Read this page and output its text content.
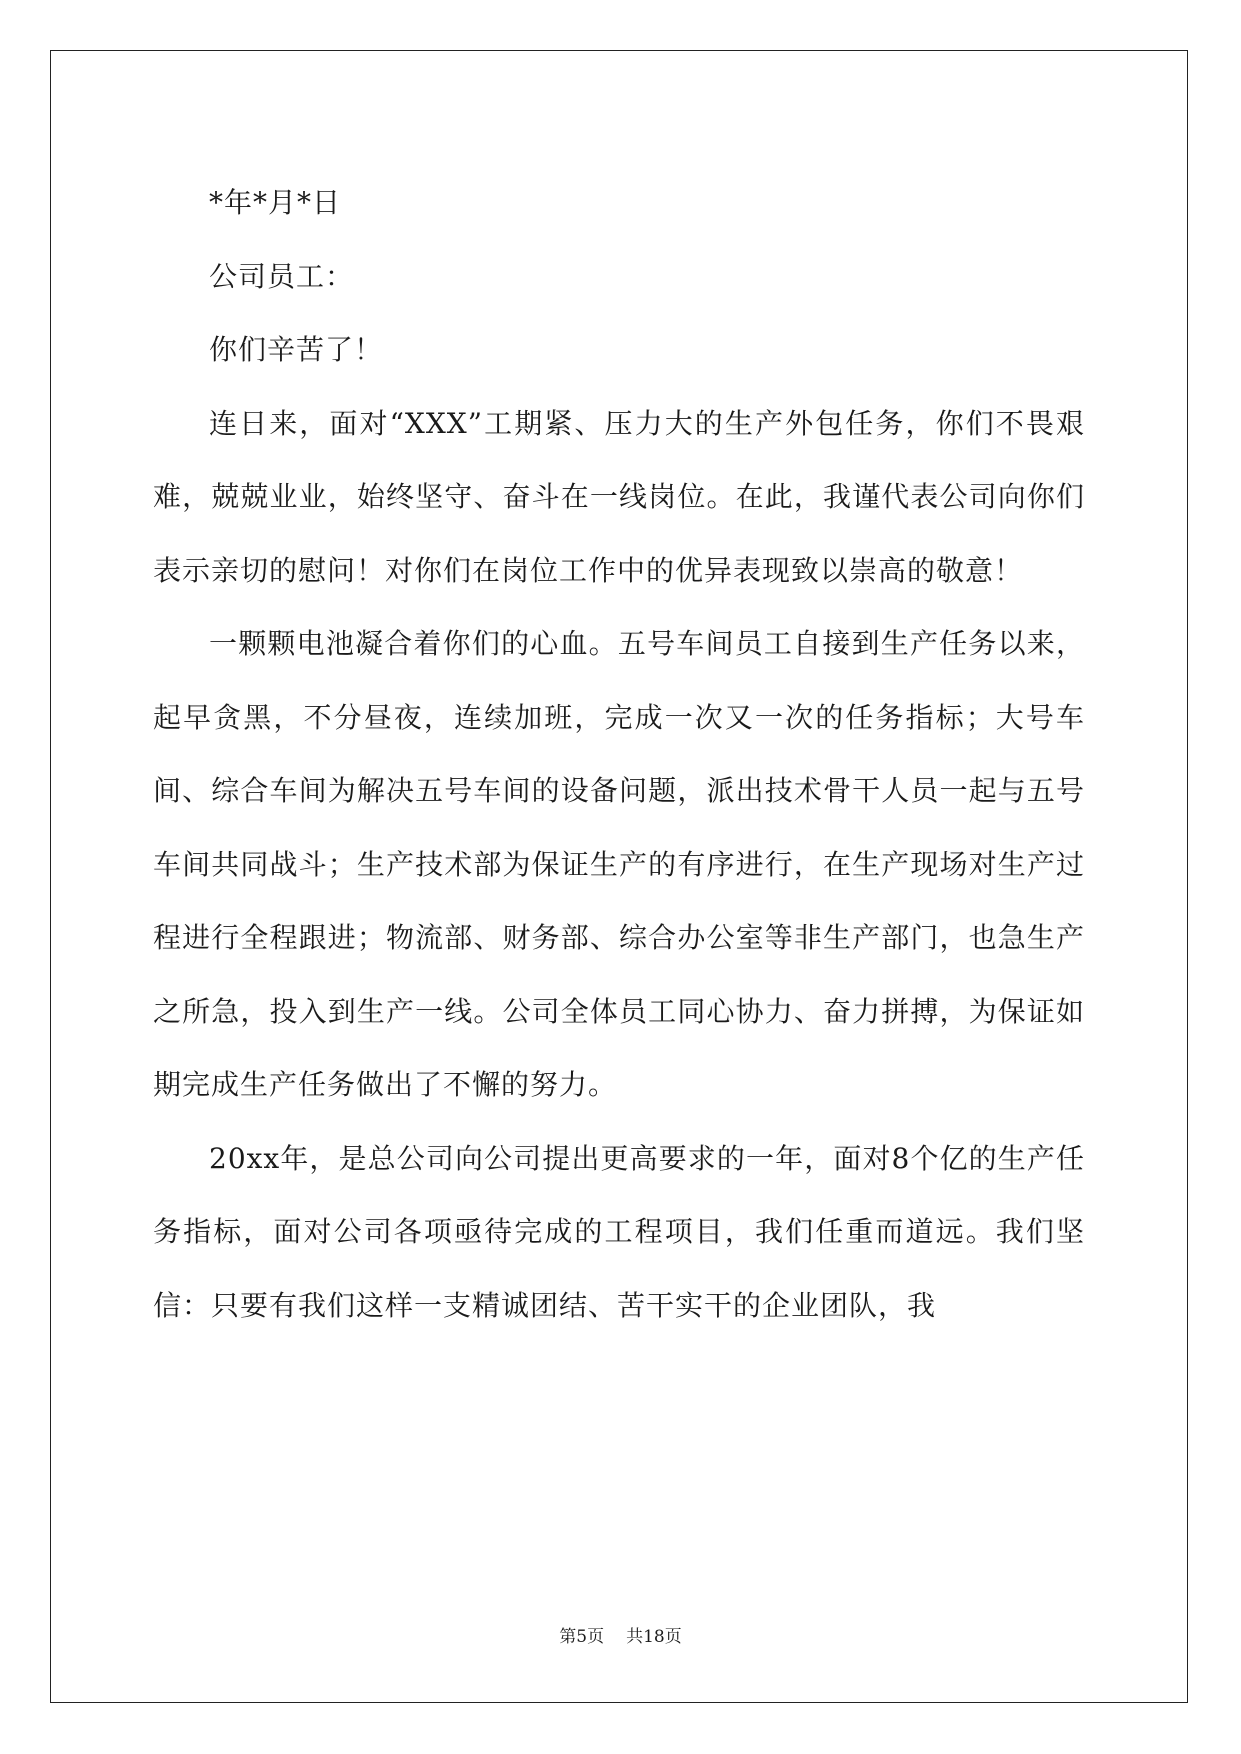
*年*月*日

公司员工：

你们辛苦了！

连日来，面对“XXX”工期紧、压力大的生产外包任务，你们不畏艰难，兢兢业业，始终坚守、奋斗在一线岗位。在此，我谨代表公司向你们表示亲切的慰问！对你们在岗位工作中的优异表现致以崇高的敬意！

一颗颗电池凝合着你们的心血。五号车间员工自接到生产任务以来，起早贪黑，不分昼夜，连续加班，完成一次又一次的任务指标；大号车间、综合车间为解决五号车间的设备问题，派出技术骨干人员一起与五号车间共同战斗；生产技术部为保证生产的有序进行，在生产现场对生产过程进行全程跟进；物流部、财务部、综合办公室等非生产部门，也急生产之所急，投入到生产一线。公司全体员工同心协力、奋力拼搏，为保证如期完成生产任务做出了不懈的努力。

20xx年，是总公司向公司提出更高要求的一年，面对8个亿的生产任务指标，面对公司各项亟待完成的工程项目，我们任重而道远。我们坚信：只要有我们这样一支精诚团结、苦干实干的企业团队，我

第5页 共18页
